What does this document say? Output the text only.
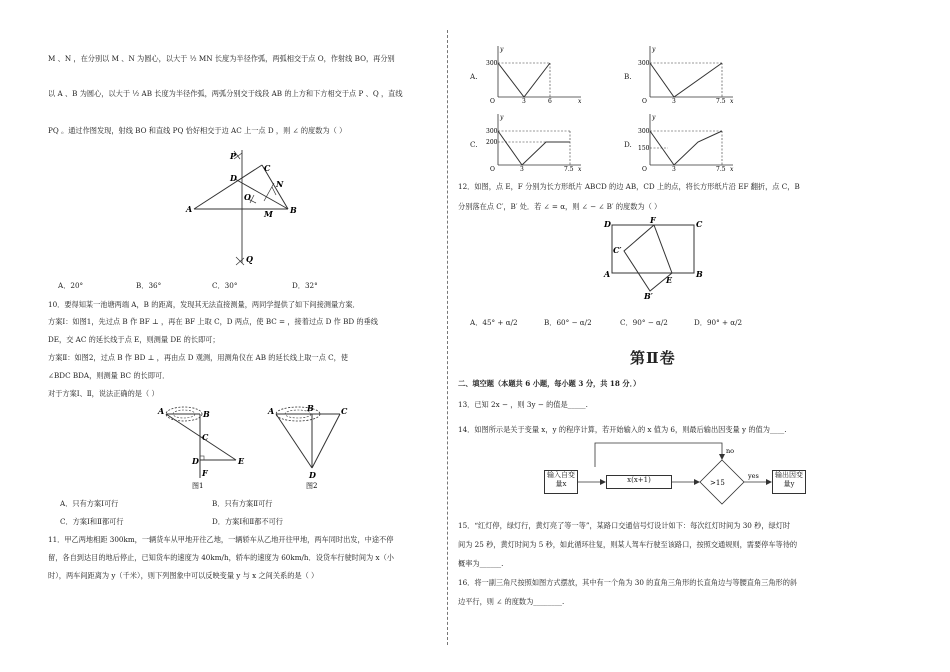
M 、N ，在分别以 M 、N 为圆心，以大于 ½ MN 长度为半径作弧，两弧相交于点 O，作射线 BO，再分别
以 A 、B 为圆心，以大于 ½ AB 长度为半径作弧，两弧分别交于线段 AB 的上方和下方相交于点 P 、Q ，直线
PQ 。通过作图发现，射线 BO 和直线 PQ 恰好相交于边 AC 上一点 D ，则 ∠ 的度数为（ ）
P
C
D
N
O
A	M B
Q
A．20°	B．36°	C．30°	D．32°
10．要得知某一池塘两端 A，B 的距离，发现其无法直接测量，两同学提供了如下间接测量方案．
方案Ⅰ：如图1，先过点 B 作 BF ⊥ ，再在 BF 上取 C，D 两点，使 BC = ，接着过点 D 作 BD 的垂线
DE，交 AC 的延长线于点 E，则测量 DE 的长即可；
方案Ⅱ：如图2，过点 B 作 BD ⊥ ，再由点 D 观测，用测角仪在 AB 的延长线上取一点 C，使
∠BDC BDA，则测量 BC 的长即可．
对于方案Ⅰ、Ⅱ，说法正确的是（ ）
A	B
C
D	E
F
图1
A	B	C
D
图2
A．只有方案Ⅰ可行	B．只有方案Ⅱ可行
C．方案Ⅰ和Ⅱ都可行	D．方案Ⅰ和Ⅱ都不可行
11．甲乙两地相距 300km，一辆货车从甲地开往乙地，一辆轿车从乙地开往甲地，两车同时出发，中途不停
留，各自到达目的地后停止，已知货车的速度为 40km/h，轿车的速度为 60km/h．设货车行驶时间为 x（小
时），两车间距离为 y（千米），则下列图象中可以反映变量 y 与 x 之间关系的是（ ）
A.
y
x
O
300
3	6
B.
y
O
300
3	7.5 x
C.
y
O
300
200
3	7.5 x
D.
y
O
300
150
3	7.5 x
12．如图，点 E，F 分别为长方形纸片 ABCD 的边 AB，CD 上的点，将长方形纸片沿 EF 翻折，点 C，B
分别落在点 C′，B′ 处．若 ∠ = α，则 ∠ − ∠ B′ 的度数为（ ）
D	F	C
C′
A
E
B
B′
A．45° + α/2	B．60° − α/2	C．90° − α/2	D．90° + α/2
第Ⅱ卷
二、填空题（本题共 6 小题，每小题 3 分，共 18 分．）
13．已知 2x − ，则 3y − 的值是_____.
14．如图所示是关于变量 x，y 的程序计算，若开始输入的 x 值为 6，则最后输出因变量 y 的值为____.
no
yes
>15
输入自变量x	x(x+1)
输出因变量y
15．“红灯停，绿灯行，黄灯亮了等一等”，某路口交通信号灯设计如下：每次红灯时间为 30 秒，绿灯时
间为 25 秒，黄灯时间为 5 秒，如此循环往复，则某人驾车行驶至该路口，按照交通规则，需要停车等待的
概率为______.
16．将一副三角尺按照如图方式摆放，其中有一个角为 30 的直角三角形的长直角边与等腰直角三角形的斜
边平行，则 ∠ 的度数为________.
